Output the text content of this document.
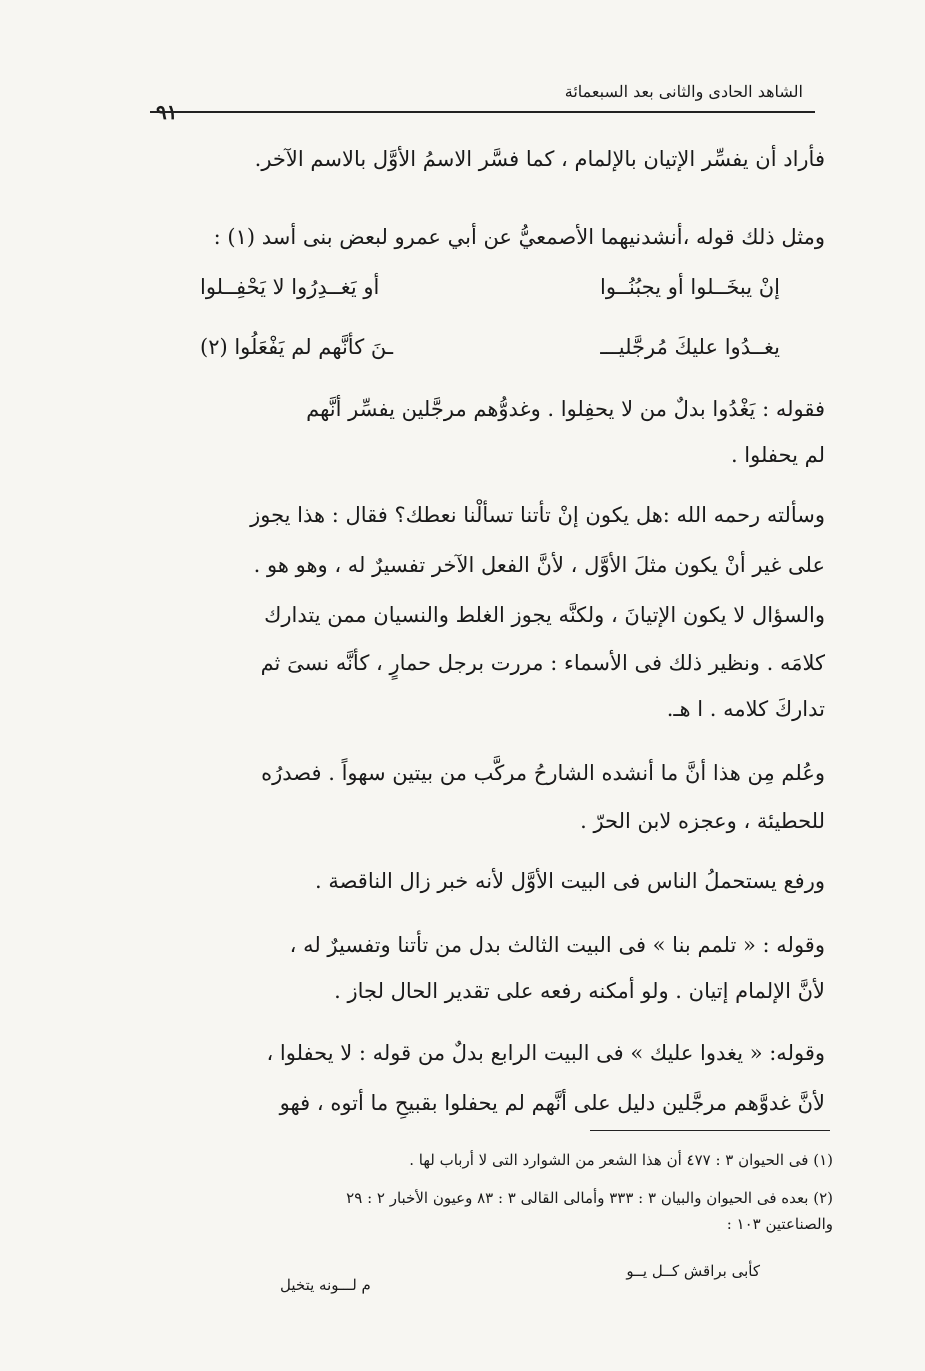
الشاهد الحادى والثانى بعد السبعمائة
٩١
فأراد أن يفسِّر الإتيان بالإلمام ، كما فسَّر الاسمُ الأوَّل بالاسم الآخر.
ومثل ذلك قوله ،أنشدنيهما الأصمعيُّ عن أبي عمرو لبعض بنى أسد (١) :
إنْ يبخَــلوا أو يجبُنُــوا
أو يَغــدِرُوا لا يَحْفِــلوا
يغــدُوا عليكَ مُرجَّليـــ
ـنَ كأنَّهم لم يَفْعَلُوا (٢)
فقوله : يَغْدُوا بدلٌ من لا يحفِلوا . وغدوُّهم مرجَّلين يفسِّر أنَّهم
لم يحفلوا .
وسألته رحمه الله :هل يكون إنْ تأتنا تسألْنا نعطك؟ فقال : هذا يجوز
على غير أنْ يكون مثلَ الأوَّل ، لأنَّ الفعل الآخر تفسيرٌ له ، وهو هو .
والسؤال لا يكون الإتيانَ ، ولكنَّه يجوز الغلط والنسيان ممن يتدارك
كلامَه . ونظير ذلك فى الأسماء : مررت برجل حمارٍ ، كأنَّه نسىَ ثم
تداركَ كلامه . ا هـ.
وعُلم مِن هذا أنَّ ما أنشده الشارحُ مركَّب من بيتين سهواً . فصدرُه
للحطيئة ، وعجزه لابن الحرّ .
ورفع يستحملُ الناس فى البيت الأوَّل لأنه خبر زال الناقصة .
وقوله : « تلمم بنا » فى البيت الثالث بدل من تأتنا وتفسيرٌ له ،
لأنَّ الإلمام إتيان . ولو أمكنه رفعه على تقدير الحال لجاز .
وقوله: « يغدوا عليك » فى البيت الرابع بدلٌ من قوله : لا يحفلوا ،
لأنَّ غدوَّهم مرجَّلين دليل على أنَّهم لم يحفلوا بقبيحِ ما أتوه ، فهو
(١) فى الحيوان ٣ : ٤٧٧ أن هذا الشعر من الشوارد التى لا أرباب لها .
(٢) بعده فى الحيوان والبيان ٣ : ٣٣٣ وأمالى القالى ٣ : ٨٣ وعيون الأخبار ٢ : ٢٩
والصناعتين ١٠٣ :
كأبى براقش كــل يــو
م لـــونه يتخيل
